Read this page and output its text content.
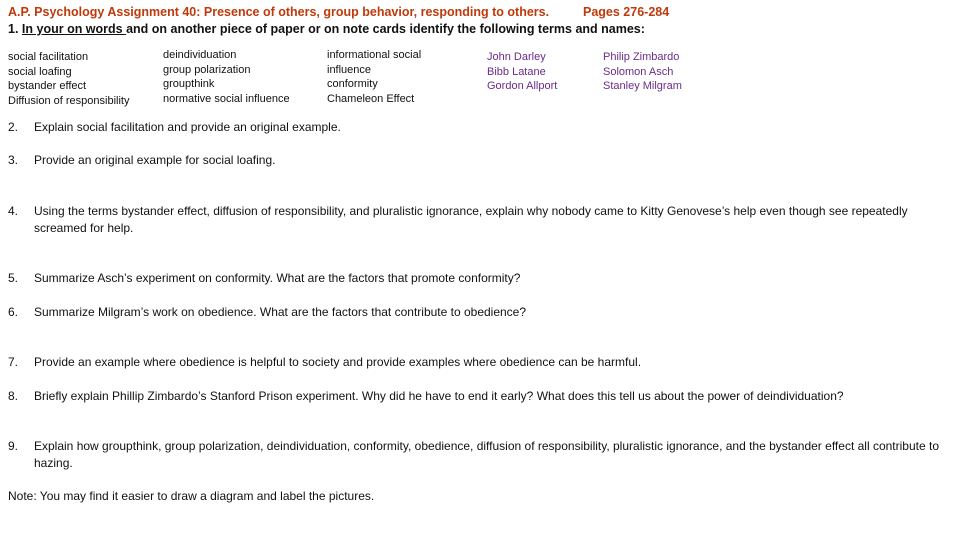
A.P. Psychology Assignment 40: Presence of others, group behavior, responding to others.	Pages 276-284
1. In your on words and on another piece of paper or on note cards identify the following terms and names:
social facilitation
social loafing
bystander effect
Diffusion of responsibility
deindividuation
group polarization
groupthink
normative social influence
informational social
influence
conformity
Chameleon Effect
John Darley
Bibb Latane
Gordon Allport
Philip Zimbardo
Solomon Asch
Stanley Milgram
2.	Explain social facilitation and provide an original example.
3.	Provide an original example for social loafing.
4.	Using the terms bystander effect, diffusion of responsibility, and pluralistic ignorance, explain why nobody came to Kitty Genovese’s help even though see repeatedly screamed for help.
5.	Summarize Asch’s experiment on conformity. What are the factors that promote conformity?
6.	Summarize Milgram’s work on obedience. What are the factors that contribute to obedience?
7.	Provide an example where obedience is helpful to society and provide examples where obedience can be harmful.
8.	Briefly explain Phillip Zimbardo’s Stanford Prison experiment. Why did he have to end it early? What does this tell us about the power of deindividuation?
9.	Explain how groupthink, group polarization, deindividuation, conformity, obedience, diffusion of responsibility, pluralistic ignorance, and the bystander effect all contribute to hazing.
Note: You may find it easier to draw a diagram and label the pictures.
